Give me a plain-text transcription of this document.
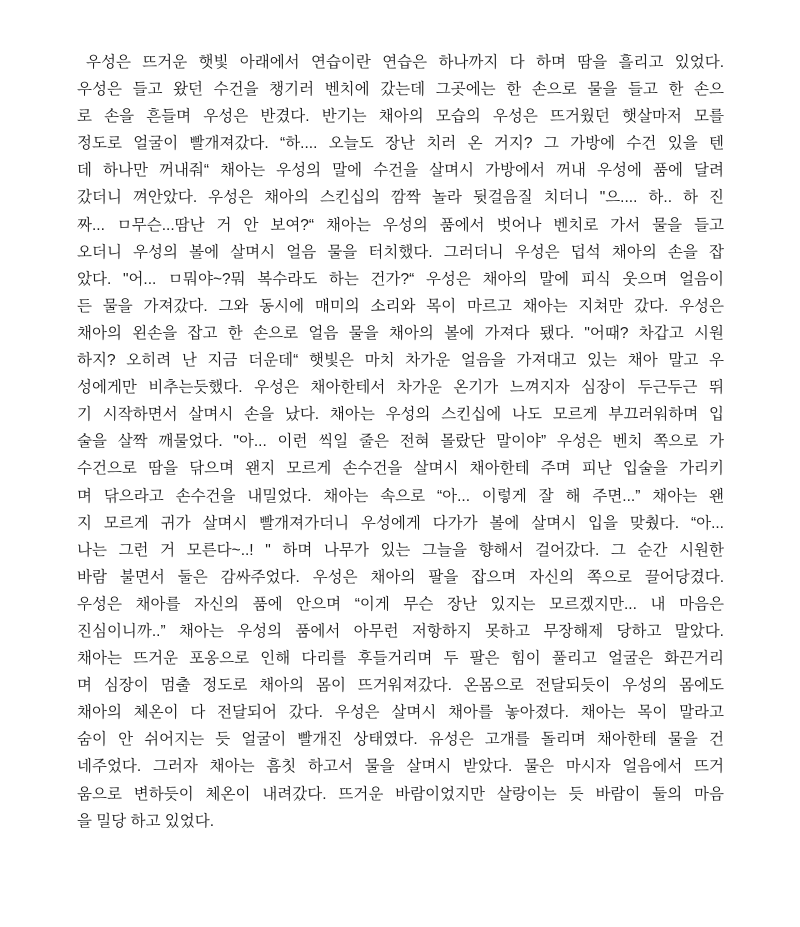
우성은 뜨거운 햇빛 아래에서 연습이란 연습은 하나까지 다 하며 땀을 흘리고 있었다.
우성은 들고 왔던 수건을 챙기러 벤치에 갔는데 그곳에는 한 손으로 물을 들고 한 손으
로 손을 흔들며 우성은 반겼다. 반기는 채아의 모습의 우성은 뜨거웠던 햇살마저 모를
정도로 얼굴이 빨개져갔다. “하.... 오늘도 장난 치러 온 거지? 그 가방에 수건 있을 텐
데 하나만 꺼내줘“ 채아는 우성의 말에 수건을 살며시 가방에서 꺼내 우성에 품에 달려
갔더니 껴안았다. 우성은 채아의 스킨십의 깜짝 놀라 뒷걸음질 치더니 "으.... 하.. 하 진
짜... ㅁ무슨...땀난 거 안 보여?“ 채아는 우성의 품에서 벗어나 벤치로 가서 물을 들고
오더니 우성의 볼에 살며시 얼음 물을 터치했다. 그러더니 우성은 덥석 채아의 손을 잡
았다. "어... ㅁ뭐야~?뭐 복수라도 하는 건가?“ 우성은 채아의 말에 피식 웃으며 얼음이
든 물을 가져갔다. 그와 동시에 매미의 소리와 목이 마르고 채아는 지쳐만 갔다. 우성은
채아의 왼손을 잡고 한 손으로 얼음 물을 채아의 볼에 가져다 됐다. "어때? 차갑고 시원
하지? 오히려 난 지금 더운데“ 햇빛은 마치 차가운 얼음을 가져대고 있는 채아 말고 우
성에게만 비추는듯했다. 우성은 채아한테서 차가운 온기가 느껴지자 심장이 두근두근 뛰
기 시작하면서 살며시 손을 났다. 채아는 우성의 스킨십에 나도 모르게 부끄러워하며 입
술을 살짝 깨물었다. "아... 이런 씩일 줄은 전혀 몰랐단 말이야” 우성은 벤치 쪽으로 가
수건으로 땀을 닦으며 왠지 모르게 손수건을 살며시 채아한테 주며 피난 입술을 가리키
며 닦으라고 손수건을 내밀었다. 채아는 속으로 “아... 이렇게 잘 해 주면...” 채아는 왠
지 모르게 귀가 살며시 빨개져가더니 우성에게 다가가 볼에 살며시 입을 맞췄다. “아...
나는 그런 거 모른다~..! " 하며 나무가 있는 그늘을 향해서 걸어갔다. 그 순간 시원한
바람 불면서 둘은 감싸주었다. 우성은 채아의 팔을 잡으며 자신의 쪽으로 끌어당겼다.
우성은 채아를 자신의 품에 안으며 “이게 무슨 장난 있지는 모르겠지만... 내 마음은
진심이니까..” 채아는 우성의 품에서 아무런 저항하지 못하고 무장해제 당하고 말았다.
채아는 뜨거운 포옹으로 인해 다리를 후들거리며 두 팔은 힘이 풀리고 얼굴은 화끈거리
며 심장이 멈출 정도로 채아의 몸이 뜨거워져갔다. 온몸으로 전달되듯이 우성의 몸에도
채아의 체온이 다 전달되어 갔다. 우성은 살며시 채아를 놓아졌다. 채아는 목이 말라고
숨이 안 쉬어지는 듯 얼굴이 빨개진 상태였다. 유성은 고개를 돌리며 채아한테 물을 건
네주었다. 그러자 채아는 흠칫 하고서 물을 살며시 받았다. 물은 마시자 얼음에서 뜨거
움으로 변하듯이 체온이 내려갔다. 뜨거운 바람이었지만 살랑이는 듯 바람이 둘의 마음
을 밀당 하고 있었다.
